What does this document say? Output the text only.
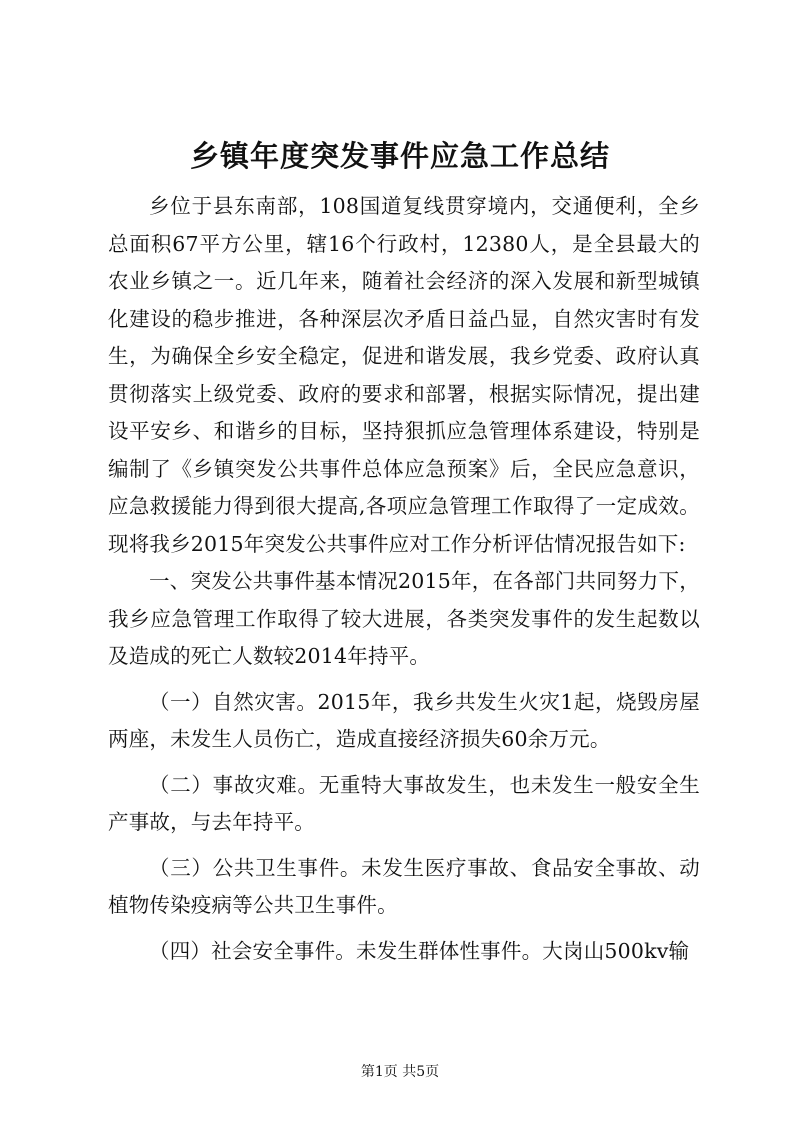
乡镇年度突发事件应急工作总结

乡位于县东南部，108国道复线贯穿境内，交通便利，全乡总面积67平方公里，辖16个行政村，12380人，是全县最大的农业乡镇之一。近几年来，随着社会经济的深入发展和新型城镇化建设的稳步推进，各种深层次矛盾日益凸显，自然灾害时有发生，为确保全乡安全稳定，促进和谐发展，我乡党委、政府认真贯彻落实上级党委、政府的要求和部署，根据实际情况，提出建设平安乡、和谐乡的目标，坚持狠抓应急管理体系建设，特别是编制了《乡镇突发公共事件总体应急预案》后，全民应急意识，应急救援能力得到很大提高,各项应急管理工作取得了一定成效。现将我乡2015年突发公共事件应对工作分析评估情况报告如下:

一、突发公共事件基本情况2015年，在各部门共同努力下，我乡应急管理工作取得了较大进展，各类突发事件的发生起数以及造成的死亡人数较2014年持平。

（一）自然灾害。2015年，我乡共发生火灾1起，烧毁房屋两座，未发生人员伤亡，造成直接经济损失60余万元。

（二）事故灾难。无重特大事故发生，也未发生一般安全生产事故，与去年持平。

（三）公共卫生事件。未发生医疗事故、食品安全事故、动植物传染疫病等公共卫生事件。

（四）社会安全事件。未发生群体性事件。大岗山500kv输

第1页 共5页
